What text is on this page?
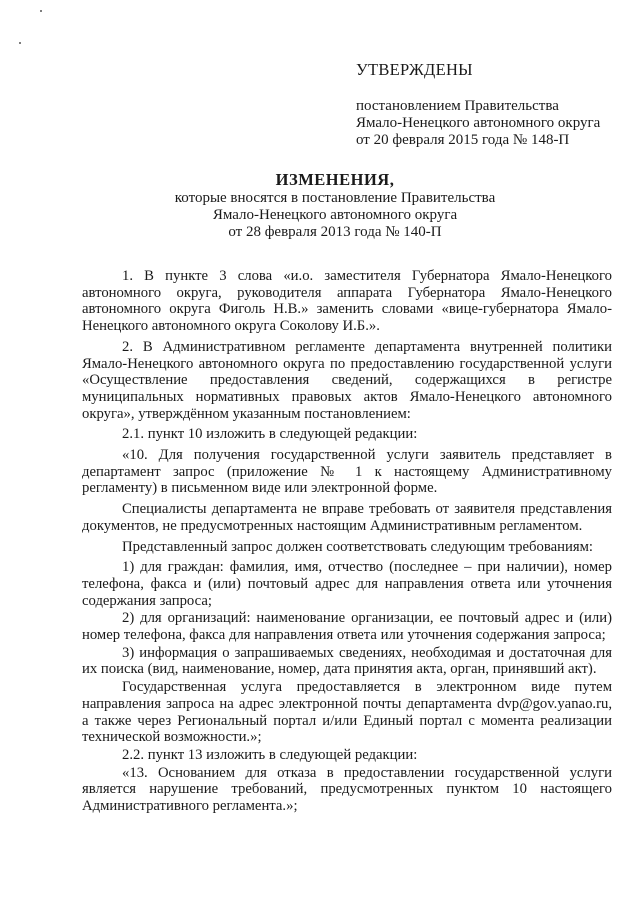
УТВЕРЖДЕНЫ
постановлением Правительства
Ямало-Ненецкого автономного округа
от 20 февраля 2015 года № 148-П
ИЗМЕНЕНИЯ,
которые вносятся в постановление Правительства
Ямало-Ненецкого автономного округа
от 28 февраля 2013 года № 140-П

1. В пункте 3 слова «и.о. заместителя Губернатора Ямало-Ненецкого автономного округа, руководителя аппарата Губернатора Ямало-Ненецкого автономного округа Фиголь Н.В.» заменить словами «вице-губернатора Ямало-Ненецкого автономного округа Соколову И.Б.».

2. В Административном регламенте департамента внутренней политики Ямало-Ненецкого автономного округа по предоставлению государственной услуги «Осуществление предоставления сведений, содержащихся в регистре муниципальных нормативных правовых актов Ямало-Ненецкого автономного округа», утверждённом указанным постановлением:

2.1. пункт 10 изложить в следующей редакции:

«10. Для получения государственной услуги заявитель представляет в департамент запрос (приложение № 1 к настоящему Административному регламенту) в письменном виде или электронной форме.

Специалисты департамента не вправе требовать от заявителя представления документов, не предусмотренных настоящим Административным регламентом.

Представленный запрос должен соответствовать следующим требованиям:

1) для граждан: фамилия, имя, отчество (последнее – при наличии), номер телефона, факса и (или) почтовый адрес для направления ответа или уточнения содержания запроса;

2) для организаций: наименование организации, ее почтовый адрес и (или) номер телефона, факса для направления ответа или уточнения содержания запроса;

3) информация о запрашиваемых сведениях, необходимая и достаточная для их поиска (вид, наименование, номер, дата принятия акта, орган, принявший акт).

Государственная услуга предоставляется в электронном виде путем направления запроса на адрес электронной почты департамента dvp@gov.yanao.ru, а также через Региональный портал и/или Единый портал с момента реализации технической возможности.»;

2.2. пункт 13 изложить в следующей редакции:

«13. Основанием для отказа в предоставлении государственной услуги является нарушение требований, предусмотренных пунктом 10 настоящего Административного регламента.»;
